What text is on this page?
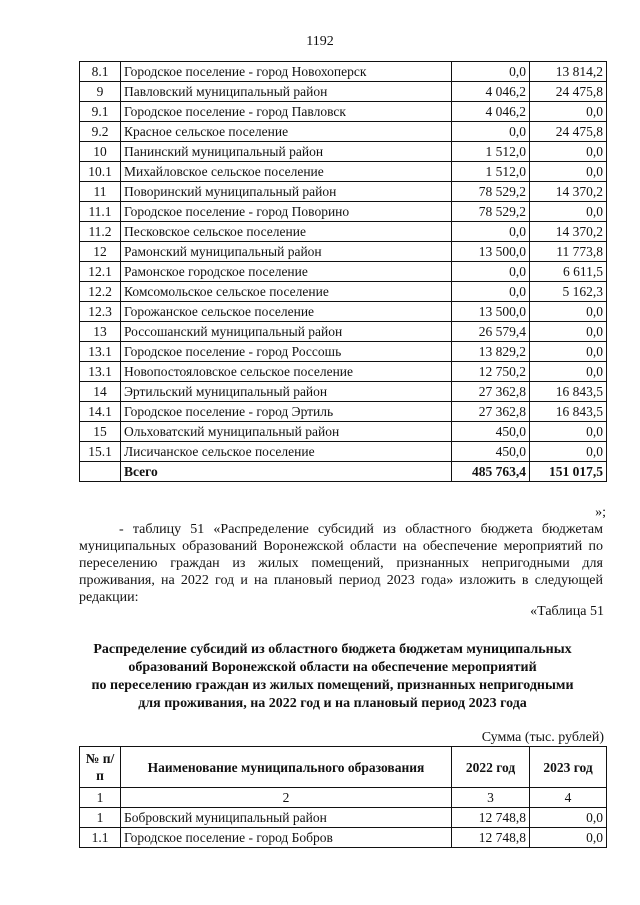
1192
8.1	Городское поселение - город Новохоперск	0,0	13 814,2
9	Павловский муниципальный район	4 046,2	24 475,8
9.1	Городское поселение - город Павловск	4 046,2	0,0
9.2	Красное сельское поселение	0,0	24 475,8
10	Панинский муниципальный район	1 512,0	0,0
10.1	Михайловское сельское поселение	1 512,0	0,0
11	Поворинский муниципальный район	78 529,2	14 370,2
11.1	Городское поселение - город Поворино	78 529,2	0,0
11.2	Песковское сельское поселение	0,0	14 370,2
12	Рамонский муниципальный район	13 500,0	11 773,8
12.1	Рамонское городское поселение	0,0	6 611,5
12.2	Комсомольское сельское поселение	0,0	5 162,3
12.3	Горожанское сельское поселение	13 500,0	0,0
13	Россошанский муниципальный район	26 579,4	0,0
13.1	Городское поселение - город Россошь	13 829,2	0,0
13.1	Новопостояловское сельское поселение	12 750,2	0,0
14	Эртильский муниципальный район	27 362,8	16 843,5
14.1	Городское поселение - город Эртиль	27 362,8	16 843,5
15	Ольховатский муниципальный район	450,0	0,0
15.1	Лисичанское сельское поселение	450,0	0,0
	Всего	485 763,4	151 017,5
»;

- таблицу 51 «Распределение субсидий из областного бюджета бюджетам муниципальных образований Воронежской области на обеспечение мероприятий по переселению граждан из жилых помещений, признанных непригодными для проживания, на 2022 год и на плановый период 2023 года» изложить в следующей редакции:

«Таблица 51
Распределение субсидий из областного бюджета бюджетам муниципальных
образований Воронежской области на обеспечение мероприятий
по переселению граждан из жилых помещений, признанных непригодными
для проживания, на 2022 год и на плановый период 2023 года
Сумма (тыс. рублей)
№ п/п	Наименование муниципального образования	2022 год	2023 год
1	2	3	4
1	Бобровский муниципальный район	12 748,8	0,0
1.1	Городское поселение - город Бобров	12 748,8	0,0
